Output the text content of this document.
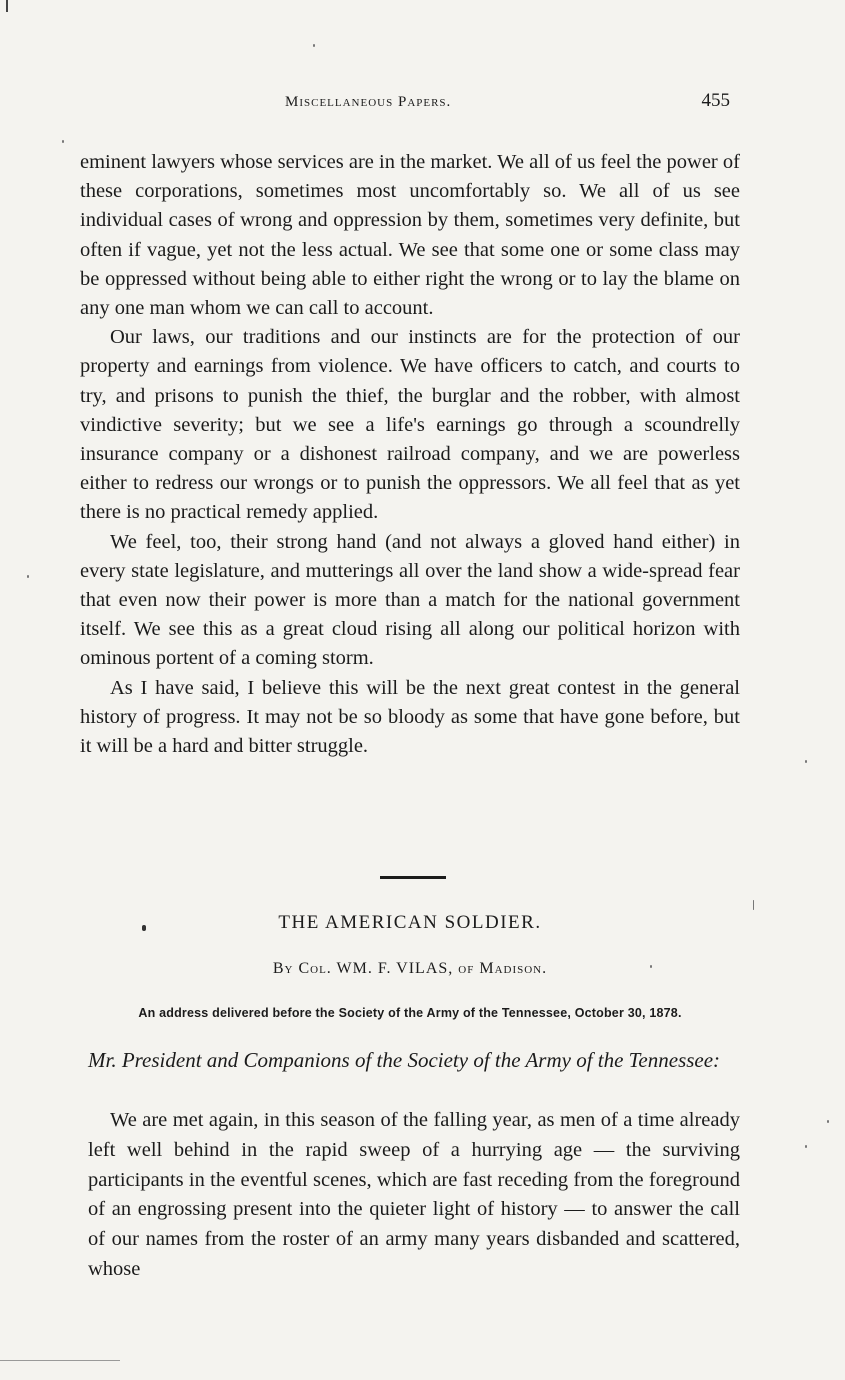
Miscellaneous Papers.	455

eminent lawyers whose services are in the market. We all of us feel the power of these corporations, sometimes most uncomfortably so. We all of us see individual cases of wrong and oppression by them, sometimes very definite, but often if vague, yet not the less actual. We see that some one or some class may be oppressed without being able to either right the wrong or to lay the blame on any one man whom we can call to account.

Our laws, our traditions and our instincts are for the protection of our property and earnings from violence. We have officers to catch, and courts to try, and prisons to punish the thief, the burglar and the robber, with almost vindictive severity; but we see a life's earnings go through a scoundrelly insurance company or a dishonest railroad company, and we are powerless either to redress our wrongs or to punish the oppressors. We all feel that as yet there is no practical remedy applied.

We feel, too, their strong hand (and not always a gloved hand either) in every state legislature, and mutterings all over the land show a wide-spread fear that even now their power is more than a match for the national government itself. We see this as a great cloud rising all along our political horizon with ominous portent of a coming storm.

As I have said, I believe this will be the next great contest in the general history of progress. It may not be so bloody as some that have gone before, but it will be a hard and bitter struggle.

THE AMERICAN SOLDIER.
By Col. WM. F. VILAS, of Madison.
An address delivered before the Society of the Army of the Tennessee, October 30, 1878.
Mr. President and Companions of the Society of the Army of the Tennessee:
We are met again, in this season of the falling year, as men of a time already left well behind in the rapid sweep of a hurrying age — the surviving participants in the eventful scenes, which are fast receding from the foreground of an engrossing present into the quieter light of history — to answer the call of our names from the roster of an army many years disbanded and scattered, whose
